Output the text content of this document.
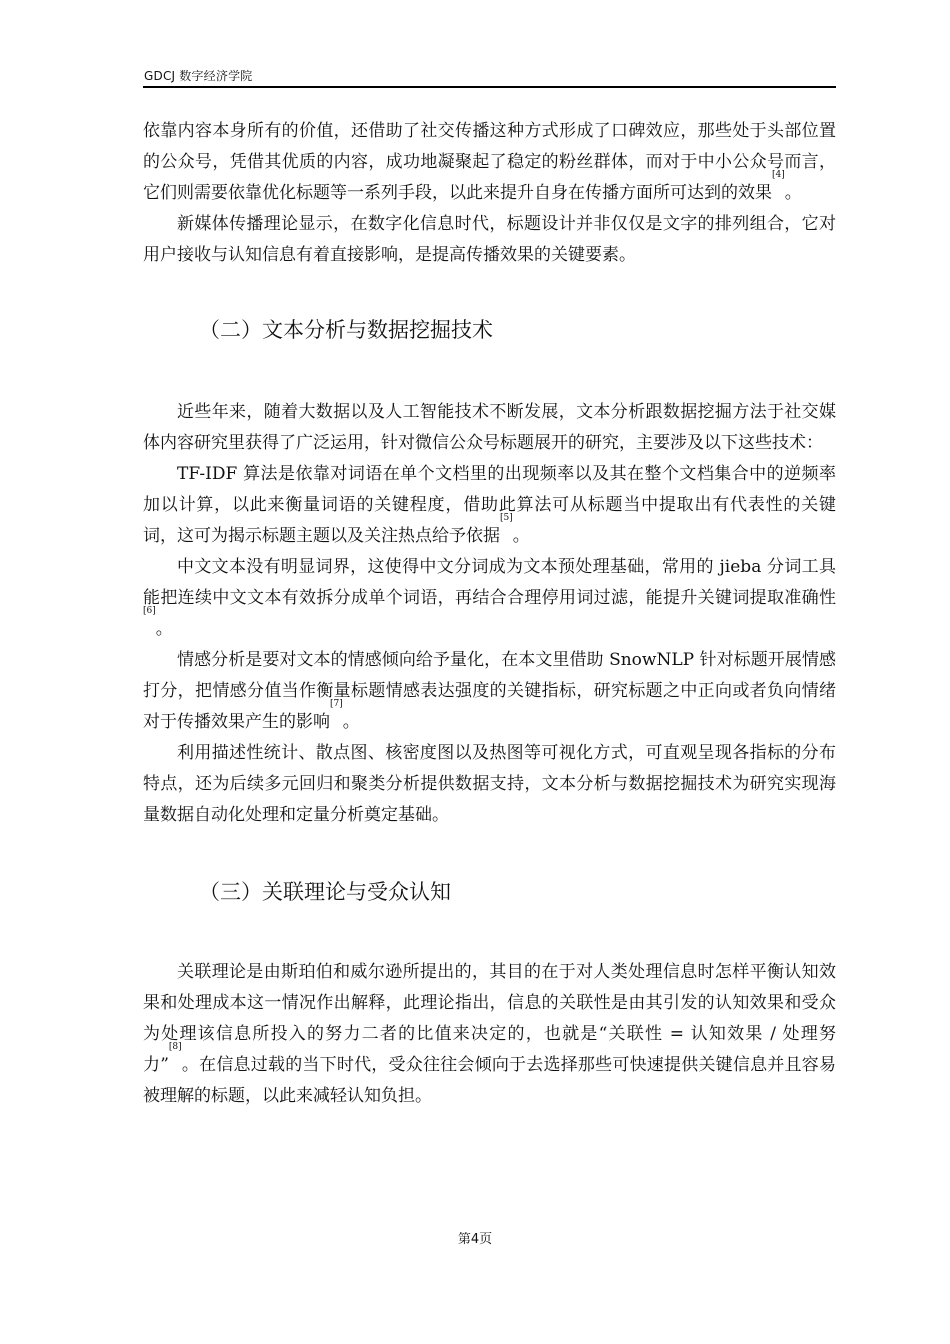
GDCJ 数字经济学院

依靠内容本身所有的价值，还借助了社交传播这种方式形成了口碑效应，那些处于头部位置的公众号，凭借其优质的内容，成功地凝聚起了稳定的粉丝群体，而对于中小公众号而言，它们则需要依靠优化标题等一系列手段，以此来提升自身在传播方面所可达到的效果[4]。

新媒体传播理论显示，在数字化信息时代，标题设计并非仅仅是文字的排列组合，它对用户接收与认知信息有着直接影响，是提高传播效果的关键要素。

（二）文本分析与数据挖掘技术

近些年来，随着大数据以及人工智能技术不断发展，文本分析跟数据挖掘方法于社交媒体内容研究里获得了广泛运用，针对微信公众号标题展开的研究，主要涉及以下这些技术：

TF-IDF 算法是依靠对词语在单个文档里的出现频率以及其在整个文档集合中的逆频率加以计算，以此来衡量词语的关键程度，借助此算法可从标题当中提取出有代表性的关键词，这可为揭示标题主题以及关注热点给予依据[5]。

中文文本没有明显词界，这使得中文分词成为文本预处理基础，常用的 jieba 分词工具能把连续中文文本有效拆分成单个词语，再结合合理停用词过滤，能提升关键词提取准确性[6]。

情感分析是要对文本的情感倾向给予量化，在本文里借助 SnowNLP 针对标题开展情感打分，把情感分值当作衡量标题情感表达强度的关键指标，研究标题之中正向或者负向情绪对于传播效果产生的影响[7]。

利用描述性统计、散点图、核密度图以及热图等可视化方式，可直观呈现各指标的分布特点，还为后续多元回归和聚类分析提供数据支持，文本分析与数据挖掘技术为研究实现海量数据自动化处理和定量分析奠定基础。

（三）关联理论与受众认知

关联理论是由斯珀伯和威尔逊所提出的，其目的在于对人类处理信息时怎样平衡认知效果和处理成本这一情况作出解释，此理论指出，信息的关联性是由其引发的认知效果和受众为处理该信息所投入的努力二者的比值来决定的，也就是“关联性 = 认知效果 / 处理努力”[8]。在信息过载的当下时代，受众往往会倾向于去选择那些可快速提供关键信息并且容易被理解的标题，以此来减轻认知负担。

第4页
